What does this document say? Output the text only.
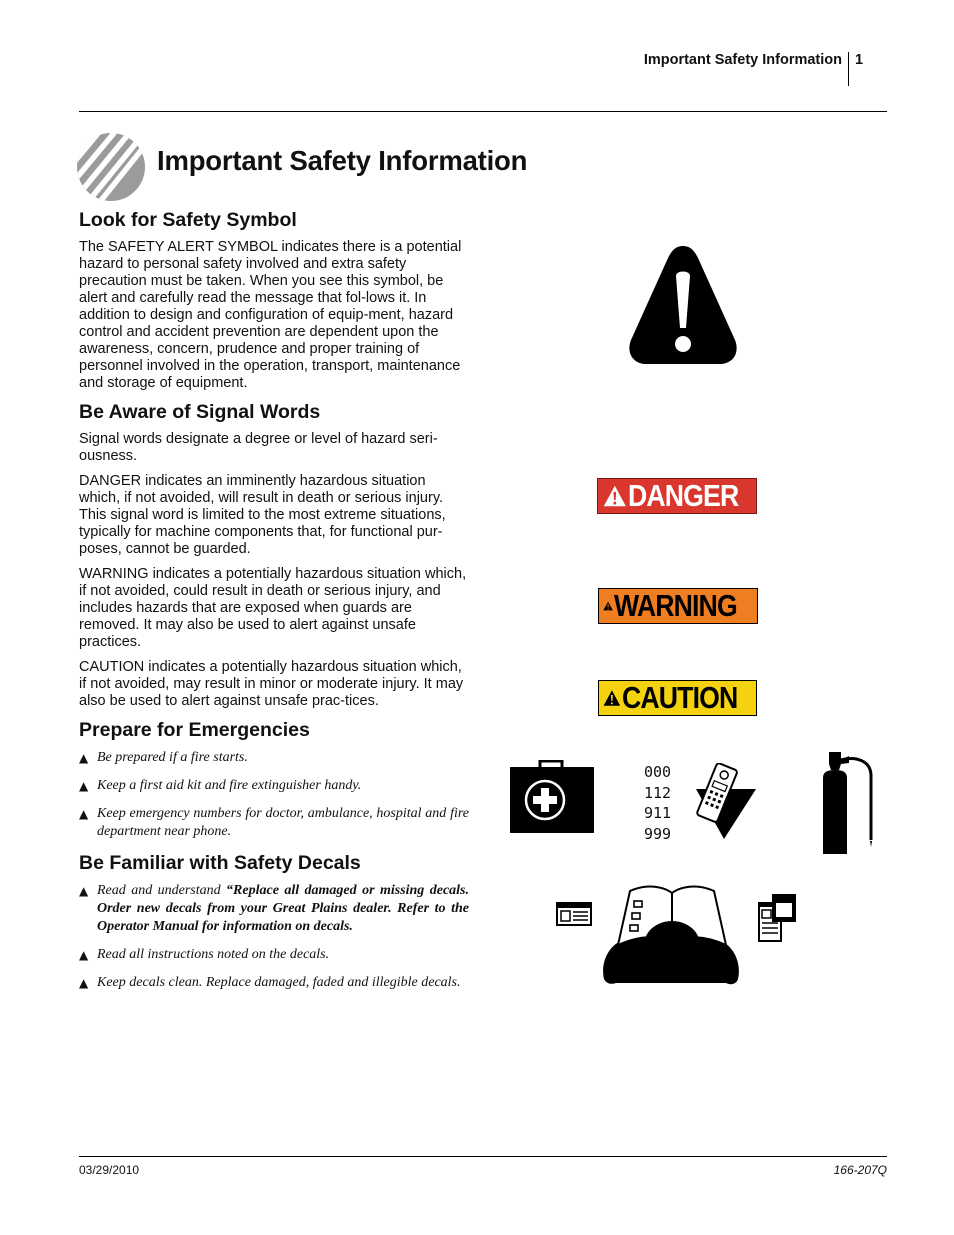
Important Safety Information 1
Important Safety Information
Look for Safety Symbol

The SAFETY ALERT SYMBOL indicates there is a potential hazard to personal safety involved and extra safety precaution must be taken. When you see this symbol, be alert and carefully read the message that fol-lows it. In addition to design and configuration of equip-ment, hazard control and accident prevention are dependent upon the awareness, concern, prudence and proper training of personnel involved in the operation, transport, maintenance and storage of equipment.

Be Aware of Signal Words

Signal words designate a degree or level of hazard seri-ousness.

DANGER indicates an imminently hazardous situation which, if not avoided, will result in death or serious injury. This signal word is limited to the most extreme situations, typically for machine components that, for functional pur-poses, cannot be guarded.

WARNING indicates a potentially hazardous situation which, if not avoided, could result in death or serious injury, and includes hazards that are exposed when guards are removed. It may also be used to alert against unsafe practices.

CAUTION indicates a potentially hazardous situation which, if not avoided, may result in minor or moderate injury. It may also be used to alert against unsafe prac-tices.

Prepare for Emergencies
▲ Be prepared if a fire starts.
▲ Keep a first aid kit and fire extinguisher handy.
▲ Keep emergency numbers for doctor, ambulance, hospital and fire department near phone.
Be Familiar with Safety Decals
▲ Read and understand “Replace all damaged or missing decals. Order new decals from your Great Plains dealer. Refer to the Operator Manual for information on decals.
▲ Read all instructions noted on the decals.
▲ Keep decals clean. Replace damaged, faded and illegible decals.
DANGER
WARNING
CAUTION
000
112
911
999
03/29/2010	166-207Q
